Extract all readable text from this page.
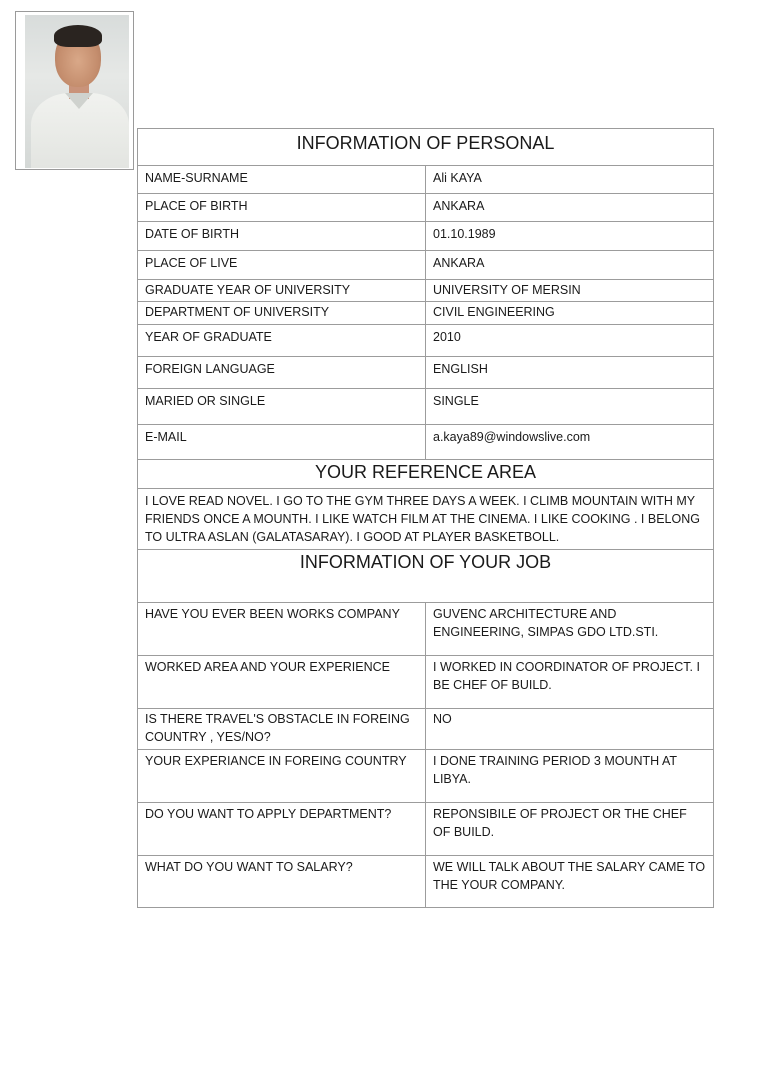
INFORMATION OF PERSONAL	
NAME-SURNAME	Ali KAYA
PLACE OF BIRTH	ANKARA
DATE OF BIRTH	01.10.1989
PLACE OF LIVE	ANKARA
GRADUATE YEAR OF UNIVERSITY	UNIVERSITY OF MERSIN
DEPARTMENT OF UNIVERSITY	CIVIL ENGINEERING
YEAR OF GRADUATE	2010
FOREIGN LANGUAGE	ENGLISH
MARIED OR SINGLE	SINGLE
E-MAIL	a.kaya89@windowslive.com
YOUR REFERENCE AREA	
I LOVE READ NOVEL. I GO TO THE GYM THREE DAYS A WEEK. I CLIMB MOUNTAIN WITH MY FRIENDS ONCE A MOUNTH. I LIKE WATCH FILM AT THE CINEMA. I LIKE COOKING . I BELONG TO ULTRA ASLAN (GALATASARAY). I GOOD AT PLAYER BASKETBOLL.	
INFORMATION OF YOUR JOB	
HAVE YOU EVER BEEN WORKS COMPANY	GUVENC ARCHITECTURE AND ENGINEERING, SIMPAS GDO LTD.STI.
WORKED AREA AND YOUR EXPERIENCE	I WORKED IN COORDINATOR OF PROJECT. I BE CHEF OF BUILD.
IS THERE TRAVEL'S OBSTACLE IN FOREING COUNTRY , YES/NO?	NO
YOUR EXPERIANCE IN FOREING COUNTRY	I DONE TRAINING PERIOD 3 MOUNTH AT LIBYA.
DO YOU WANT TO APPLY DEPARTMENT?	REPONSIBILE OF PROJECT OR THE CHEF OF BUILD.
WHAT DO YOU WANT TO SALARY?	WE WILL TALK ABOUT THE SALARY CAME TO THE YOUR COMPANY.
